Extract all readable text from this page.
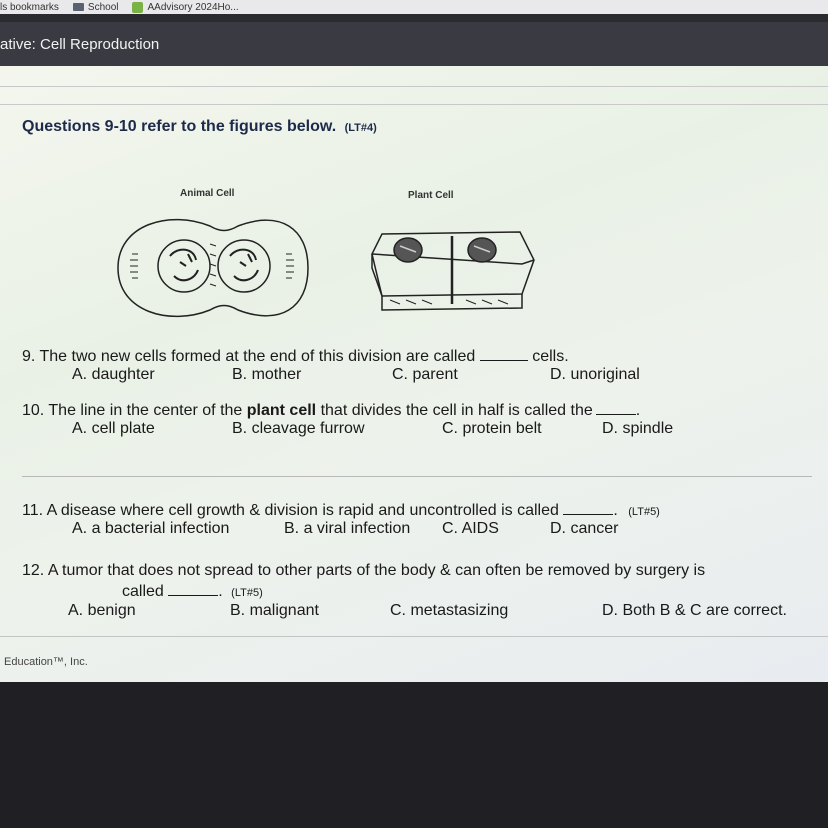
ls bookmarks	School	AAdvisory 2024Ho...
ative: Cell Reproduction
Questions 9-10 refer to the figures below. (LT#4)
Animal Cell	Plant Cell
9. The two new cells formed at the end of this division are called	cells.
A. daughter	B. mother	C. parent	D. unoriginal
10. The line in the center of the plant cell that divides the cell in half is called the	.
A. cell plate	B. cleavage furrow	C. protein belt	D. spindle
11. A disease where cell growth & division is rapid and uncontrolled is called	. (LT#5)
A. a bacterial infection	B. a viral infection C. AIDS	D. cancer
12. A tumor that does not spread to other parts of the body & can often be removed by surgery is
called	. (LT#5)
A. benign	B. malignant	C. metastasizing	D. Both B & C are correct.
Education™, Inc.
